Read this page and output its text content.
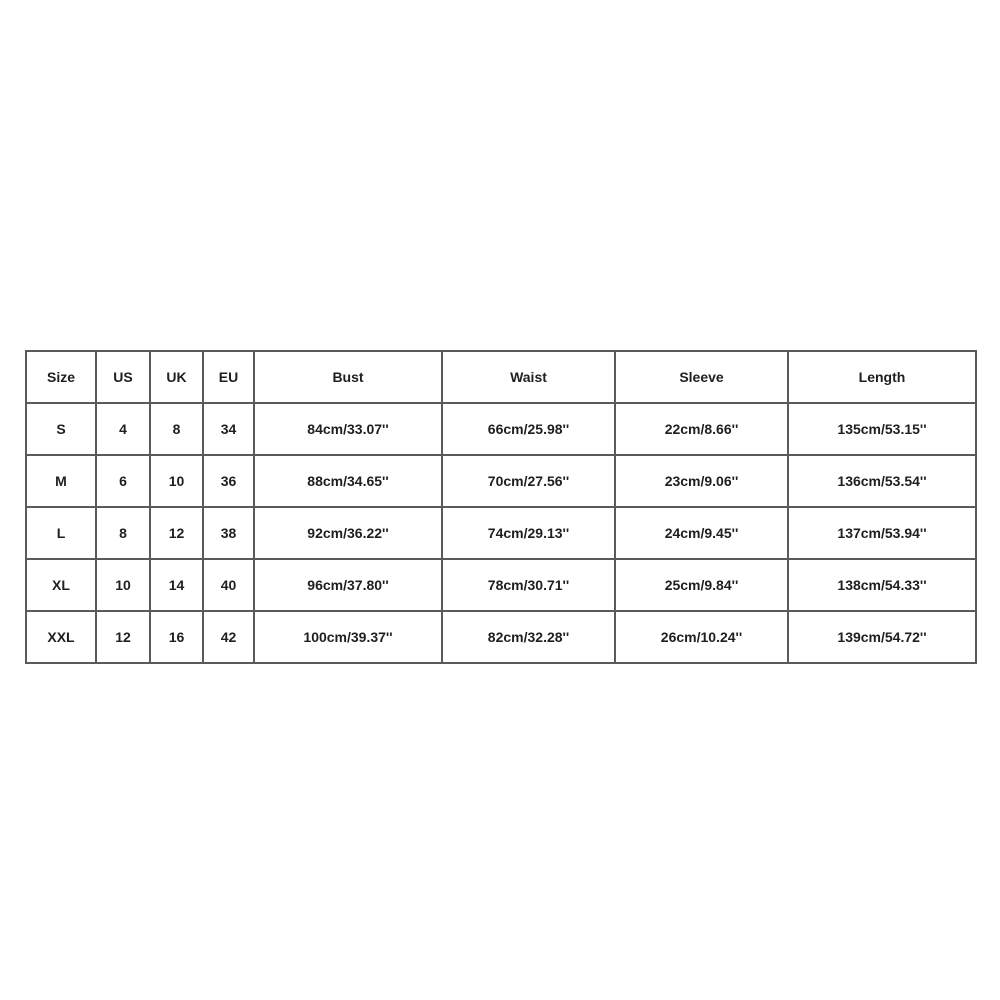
Size	US	UK	EU	Bust	Waist	Sleeve	Length
S	4	8	34	84cm/33.07''	66cm/25.98''	22cm/8.66''	135cm/53.15''
M	6	10	36	88cm/34.65''	70cm/27.56''	23cm/9.06''	136cm/53.54''
L	8	12	38	92cm/36.22''	74cm/29.13''	24cm/9.45''	137cm/53.94''
XL	10	14	40	96cm/37.80''	78cm/30.71''	25cm/9.84''	138cm/54.33''
XXL	12	16	42	100cm/39.37''	82cm/32.28''	26cm/10.24''	139cm/54.72''
